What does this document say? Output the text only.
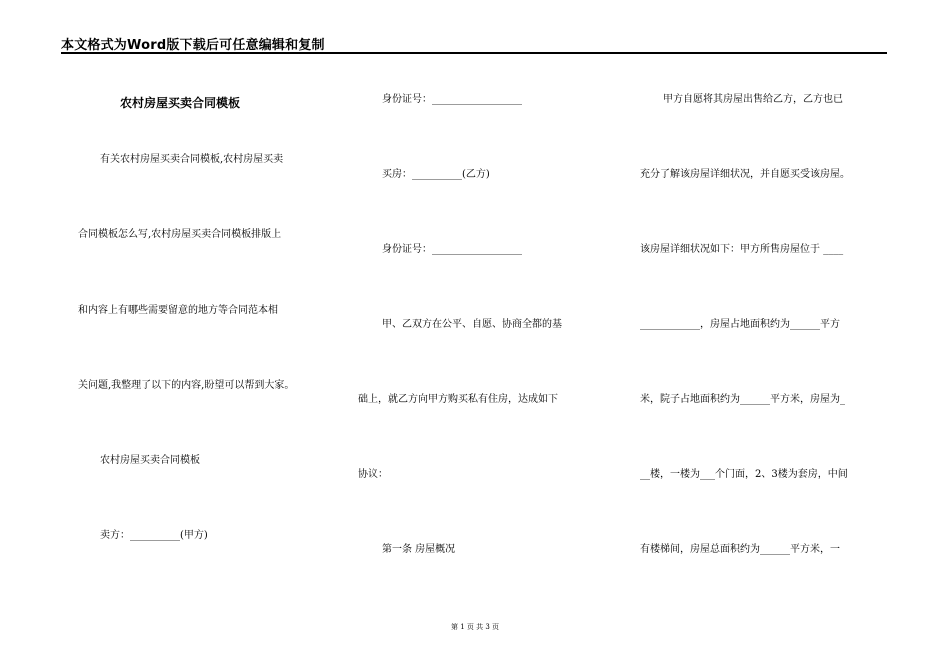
本文格式为Word版下载后可任意编辑和复制
农村房屋买卖合同模板
有关农村房屋买卖合同模板,农村房屋买卖
合同模板怎么写,农村房屋买卖合同模板排版上
和内容上有哪些需要留意的地方等合同范本相
关问题,我整理了以下的内容,盼望可以帮到大家。
农村房屋买卖合同模板
卖方：__________(甲方)
身份证号：__________________
买房：__________(乙方)
身份证号：__________________
甲、乙双方在公平、自愿、协商全都的基
础上，就乙方向甲方购买私有住房，达成如下
协议：
第一条 房屋概况
甲方自愿将其房屋出售给乙方，乙方也已
充分了解该房屋详细状况，并自愿买受该房屋。
该房屋详细状况如下：甲方所售房屋位于 ____
____________，房屋占地面积约为______平方
米，院子占地面积约为______平方米，房屋为_
__楼，一楼为___个门面，2、3楼为套房，中间
有楼梯间，房屋总面积约为______平方米，一
第 1 页 共 3 页
